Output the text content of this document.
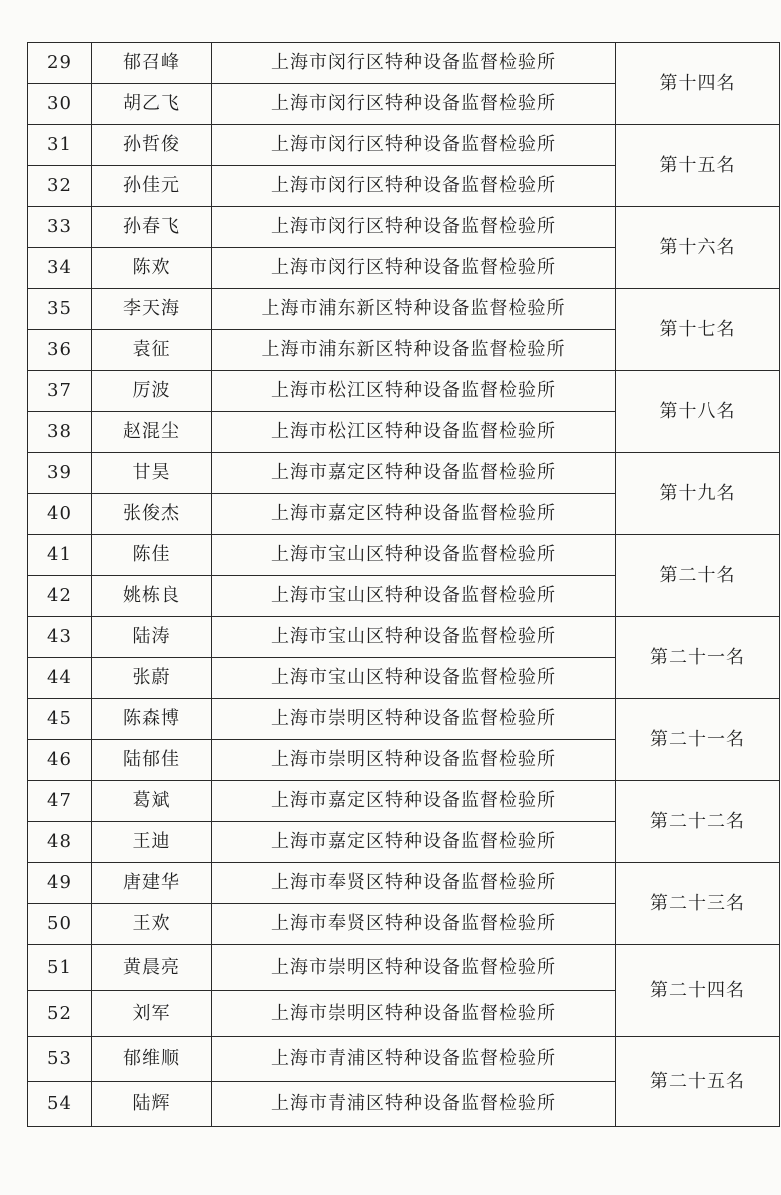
29	郁召峰	上海市闵行区特种设备监督检验所	第十四名
30	胡乙飞	上海市闵行区特种设备监督检验所	
31	孙哲俊	上海市闵行区特种设备监督检验所	第十五名
32	孙佳元	上海市闵行区特种设备监督检验所	
33	孙春飞	上海市闵行区特种设备监督检验所	第十六名
34	陈欢	上海市闵行区特种设备监督检验所	
35	李天海	上海市浦东新区特种设备监督检验所	第十七名
36	袁征	上海市浦东新区特种设备监督检验所	
37	厉波	上海市松江区特种设备监督检验所	第十八名
38	赵混尘	上海市松江区特种设备监督检验所	
39	甘昊	上海市嘉定区特种设备监督检验所	第十九名
40	张俊杰	上海市嘉定区特种设备监督检验所	
41	陈佳	上海市宝山区特种设备监督检验所	第二十名
42	姚栋良	上海市宝山区特种设备监督检验所	
43	陆涛	上海市宝山区特种设备监督检验所	第二十一名
44	张蔚	上海市宝山区特种设备监督检验所	
45	陈森博	上海市崇明区特种设备监督检验所	第二十一名
46	陆郁佳	上海市崇明区特种设备监督检验所	
47	葛斌	上海市嘉定区特种设备监督检验所	第二十二名
48	王迪	上海市嘉定区特种设备监督检验所	
49	唐建华	上海市奉贤区特种设备监督检验所	第二十三名
50	王欢	上海市奉贤区特种设备监督检验所	
51	黄晨亮	上海市崇明区特种设备监督检验所	第二十四名
52	刘军	上海市崇明区特种设备监督检验所	
53	郁维顺	上海市青浦区特种设备监督检验所	第二十五名
54	陆辉	上海市青浦区特种设备监督检验所	
